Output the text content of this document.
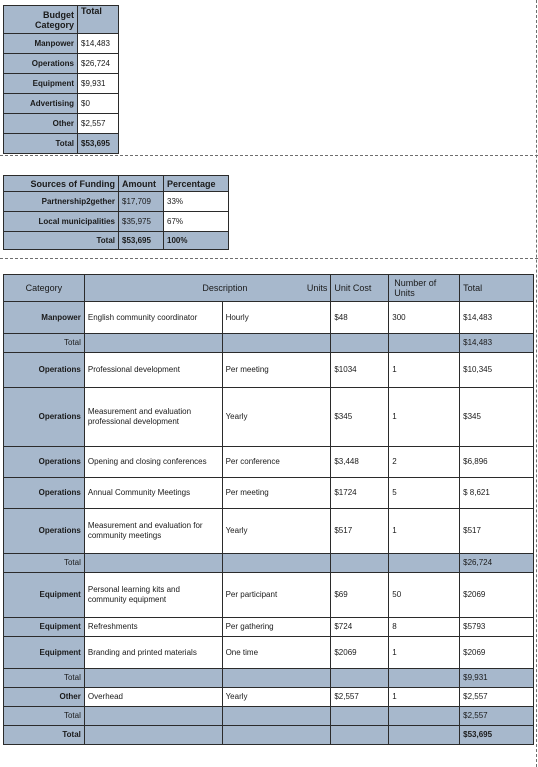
Budget Category	Total
Manpower	$14,483
Operations	$26,724
Equipment	$9,931
Advertising	$0
Other	$2,557
Total	$53,695
Sources of Funding	Amount	Percentage
Partnership2gether	$17,709	33%
Local municipalities	$35,975	67%
Total	$53,695	100%
Category	Description Units		Unit Cost	Number of Units	Total
Manpower	English community coordinator	Hourly	$48	300	$14,483
Total					$14,483
Operations	Professional development	Per meeting	$1034	1	$10,345
Operations	Measurement and evaluation professional development	Yearly	$345	1	$345
Operations	Opening and closing conferences	Per conference	$3,448	2	$6,896
Operations	Annual Community Meetings	Per meeting	$1724	5	$ 8,621
Operations	Measurement and evaluation for community meetings	Yearly	$517	1	$517
Total					$26,724
Equipment	Personal learning kits and community equipment	Per participant	$69	50	$2069
Equipment	Refreshments	Per gathering	$724	8	$5793
Equipment	Branding and printed materials	One time	$2069	1	$2069
Total					$9,931
Other	Overhead	Yearly	$2,557	1	$2,557
Total					$2,557
Total					$53,695
